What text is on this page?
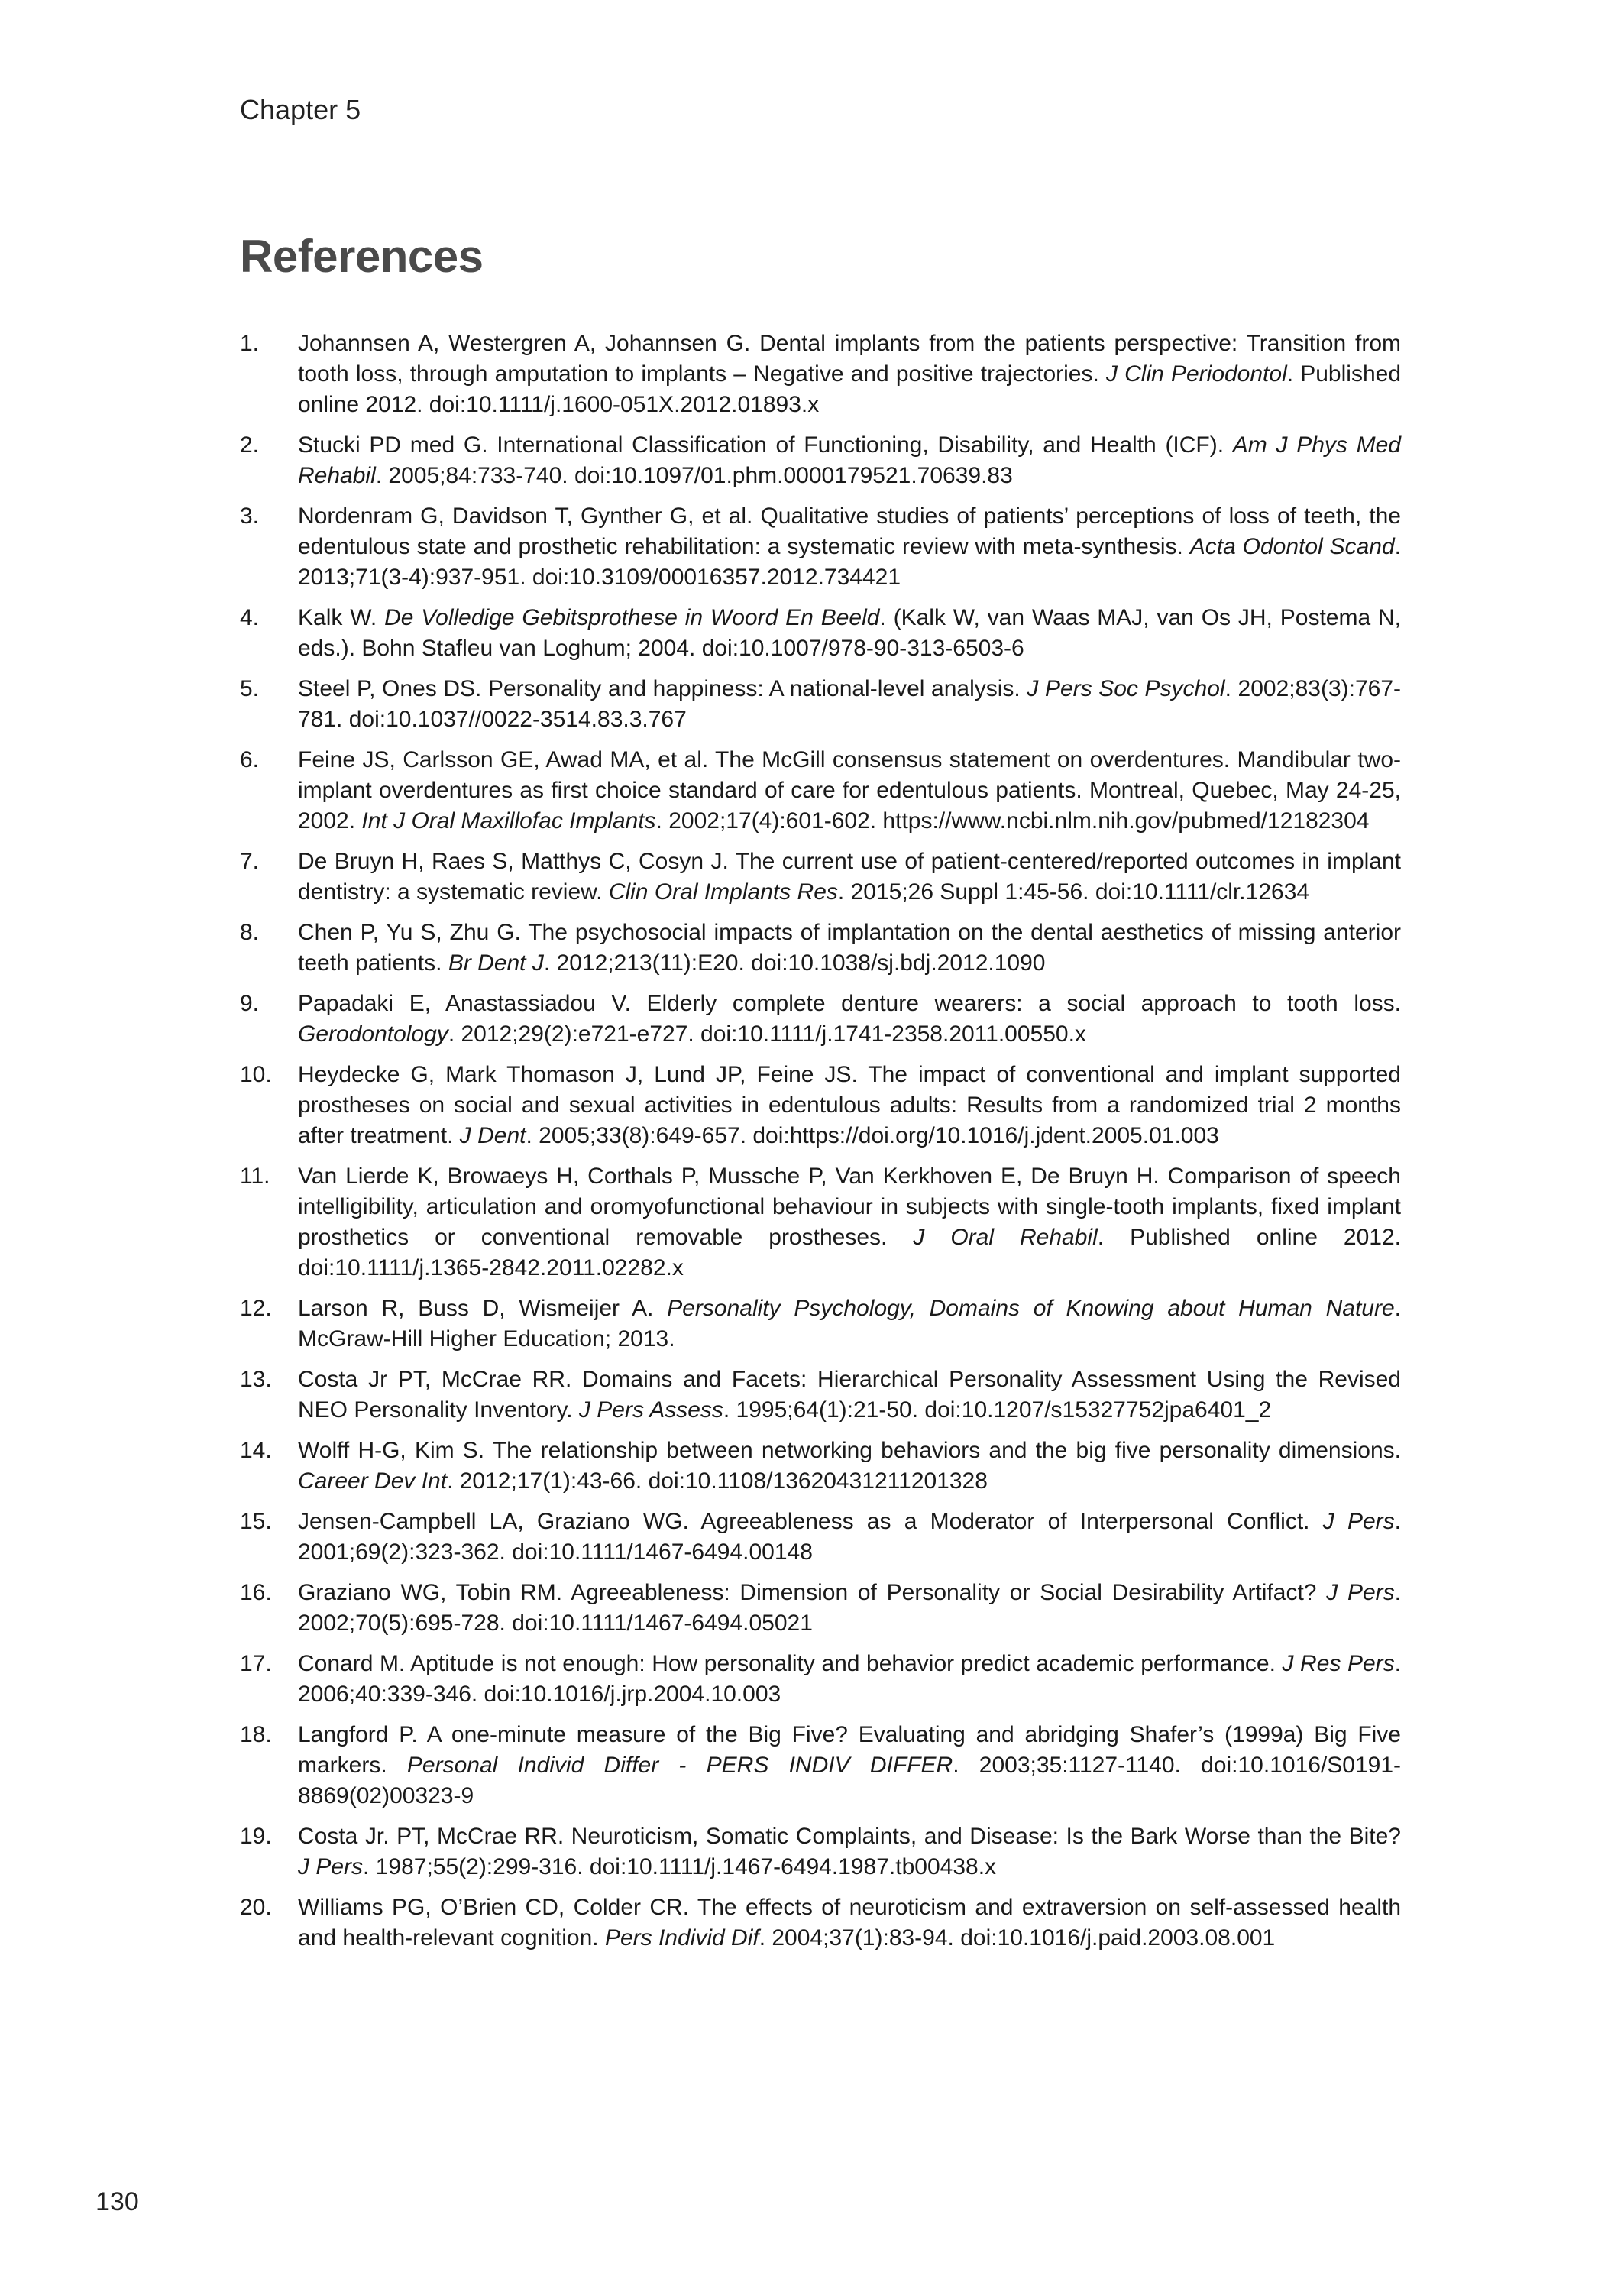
Chapter 5
References
1.	Johannsen A, Westergren A, Johannsen G. Dental implants from the patients perspective: Transition from tooth loss, through amputation to implants – Negative and positive trajectories. J Clin Periodontol. Published online 2012. doi:10.1111/j.1600-051X.2012.01893.x
2.	Stucki PD med G. International Classification of Functioning, Disability, and Health (ICF). Am J Phys Med Rehabil. 2005;84:733-740. doi:10.1097/01.phm.0000179521.70639.83
3.	Nordenram G, Davidson T, Gynther G, et al. Qualitative studies of patients’ perceptions of loss of teeth, the edentulous state and prosthetic rehabilitation: a systematic review with meta-synthesis. Acta Odontol Scand. 2013;71(3-4):937-951. doi:10.3109/00016357.2012.734421
4.	Kalk W. De Volledige Gebitsprothese in Woord En Beeld. (Kalk W, van Waas MAJ, van Os JH, Postema N, eds.). Bohn Stafleu van Loghum; 2004. doi:10.1007/978-90-313-6503-6
5.	Steel P, Ones DS. Personality and happiness: A national-level analysis. J Pers Soc Psychol. 2002;83(3):767-781. doi:10.1037//0022-3514.83.3.767
6.	Feine JS, Carlsson GE, Awad MA, et al. The McGill consensus statement on overdentures. Mandibular two-implant overdentures as first choice standard of care for edentulous patients. Montreal, Quebec, May 24-25, 2002. Int J Oral Maxillofac Implants. 2002;17(4):601-602. https://www.ncbi.nlm.nih.gov/pubmed/12182304
7.	De Bruyn H, Raes S, Matthys C, Cosyn J. The current use of patient-centered/reported outcomes in implant dentistry: a systematic review. Clin Oral Implants Res. 2015;26 Suppl 1:45-56. doi:10.1111/clr.12634
8.	Chen P, Yu S, Zhu G. The psychosocial impacts of implantation on the dental aesthetics of missing anterior teeth patients. Br Dent J. 2012;213(11):E20. doi:10.1038/sj.bdj.2012.1090
9.	Papadaki E, Anastassiadou V. Elderly complete denture wearers: a social approach to tooth loss. Gerodontology. 2012;29(2):e721-e727. doi:10.1111/j.1741-2358.2011.00550.x
10.	Heydecke G, Mark Thomason J, Lund JP, Feine JS. The impact of conventional and implant supported prostheses on social and sexual activities in edentulous adults: Results from a randomized trial 2 months after treatment. J Dent. 2005;33(8):649-657. doi:https://doi.org/10.1016/j.jdent.2005.01.003
11.	Van Lierde K, Browaeys H, Corthals P, Mussche P, Van Kerkhoven E, De Bruyn H. Comparison of speech intelligibility, articulation and oromyofunctional behaviour in subjects with single-tooth implants, fixed implant prosthetics or conventional removable prostheses. J Oral Rehabil. Published online 2012. doi:10.1111/j.1365-2842.2011.02282.x
12.	Larson R, Buss D, Wismeijer A. Personality Psychology, Domains of Knowing about Human Nature. McGraw-Hill Higher Education; 2013.
13.	Costa Jr PT, McCrae RR. Domains and Facets: Hierarchical Personality Assessment Using the Revised NEO Personality Inventory. J Pers Assess. 1995;64(1):21-50. doi:10.1207/s15327752jpa6401_2
14.	Wolff H-G, Kim S. The relationship between networking behaviors and the big five personality dimensions. Career Dev Int. 2012;17(1):43-66. doi:10.1108/13620431211201328
15.	Jensen-Campbell LA, Graziano WG. Agreeableness as a Moderator of Interpersonal Conflict. J Pers. 2001;69(2):323-362. doi:10.1111/1467-6494.00148
16.	Graziano WG, Tobin RM. Agreeableness: Dimension of Personality or Social Desirability Artifact? J Pers. 2002;70(5):695-728. doi:10.1111/1467-6494.05021
17.	Conard M. Aptitude is not enough: How personality and behavior predict academic performance. J Res Pers. 2006;40:339-346. doi:10.1016/j.jrp.2004.10.003
18.	Langford P. A one-minute measure of the Big Five? Evaluating and abridging Shafer’s (1999a) Big Five markers. Personal Individ Differ - PERS INDIV DIFFER. 2003;35:1127-1140. doi:10.1016/S0191-8869(02)00323-9
19.	Costa Jr. PT, McCrae RR. Neuroticism, Somatic Complaints, and Disease: Is the Bark Worse than the Bite? J Pers. 1987;55(2):299-316. doi:10.1111/j.1467-6494.1987.tb00438.x
20.	Williams PG, O’Brien CD, Colder CR. The effects of neuroticism and extraversion on self-assessed health and health-relevant cognition. Pers Individ Dif. 2004;37(1):83-94. doi:10.1016/j.paid.2003.08.001
130
